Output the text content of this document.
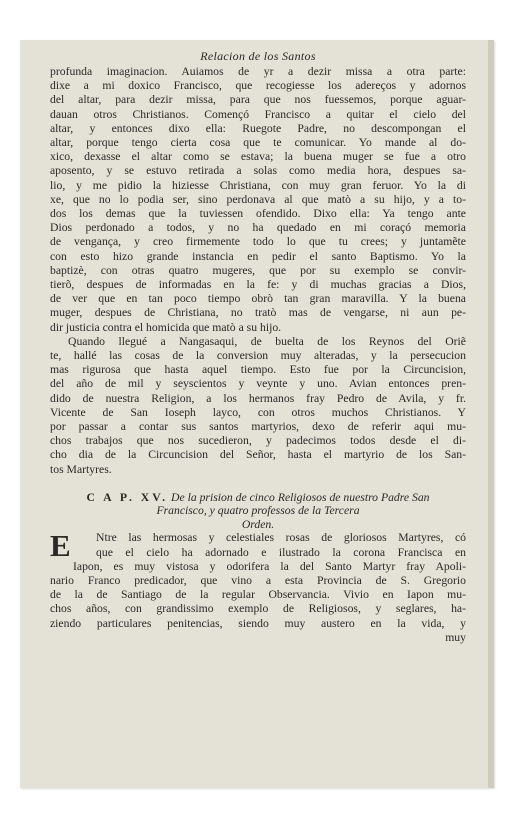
Relacion de los Santos
profunda imaginacion. Auiamos de yr a dezir missa a otra parte:
dixe a mi doxico Francisco, que recogiesse los adereços y adornos
del altar, para dezir missa, para que nos fuessemos, porque aguar-
dauan otros Christianos. Començó Francisco a quitar el cielo del
altar, y entonces dixo ella: Ruegote Padre, no descompongan el
altar, porque tengo cierta cosa que te comunicar. Yo mande al do-
xico, dexasse el altar como se estava; la buena muger se fue a otro
aposento, y se estuvo retirada a solas como media hora, despues sa-
lio, y me pidio la hiziesse Christiana, con muy gran feruor. Yo la di
xe, que no lo podia ser, sino perdonava al que matò a su hijo, y a to-
dos los demas que la tuviessen ofendido. Dixo ella: Ya tengo ante
Dios perdonado a todos, y no ha quedado en mi coraçó memoria
de vengança, y creo firmemente todo lo que tu crees; y juntamẽte
con esto hizo grande instancia en pedir el santo Baptismo. Yo la
baptizè, con otras quatro mugeres, que por su exemplo se convir-
tierõ, despues de informadas en la fe: y di muchas gracias a Dios,
de ver que en tan poco tiempo obrò tan gran maravilla. Y la buena
muger, despues de Christiana, no tratò mas de vengarse, ni aun pe-
dir justicia contra el homicida que matò a su hijo.
Quando llegué a Nangasaqui, de buelta de los Reynos del Oriẽ
te, hallé las cosas de la conversion muy alteradas, y la persecucion
mas rigurosa que hasta aquel tiempo. Esto fue por la Circuncision,
del año de mil y seyscientos y veynte y uno. Avian entonces pren-
dido de nuestra Religion, a los hermanos fray Pedro de Avila, y fr.
Vicente de San Ioseph layco, con otros muchos Christianos. Y
por passar a contar sus santos martyrios, dexo de referir aqui mu-
chos trabajos que nos sucedieron, y padecimos todos desde el di-
cho dia de la Circuncision del Señor, hasta el martyrio de los San-
tos Martyres.
C A P. XV. De la prision de cinco Religiosos de nuestro Padre San
Francisco, y quatro professos de la Tercera
Orden.
E	Ntre las hermosas y celestiales rosas de gloriosos Martyres, có
que el cielo ha adornado e ilustrado la corona Francisca en
Iapon, es muy vistosa y odorifera la del Santo Martyr fray Apoli-
nario Franco predicador, que vino a esta Provincia de S. Gregorio
de la de Santiago de la regular Observancia. Vivio en Iapon mu-
chos años, con grandissimo exemplo de Religiosos, y seglares, ha-
ziendo particulares penitencias, siendo muy austero en la vida, y
muy
